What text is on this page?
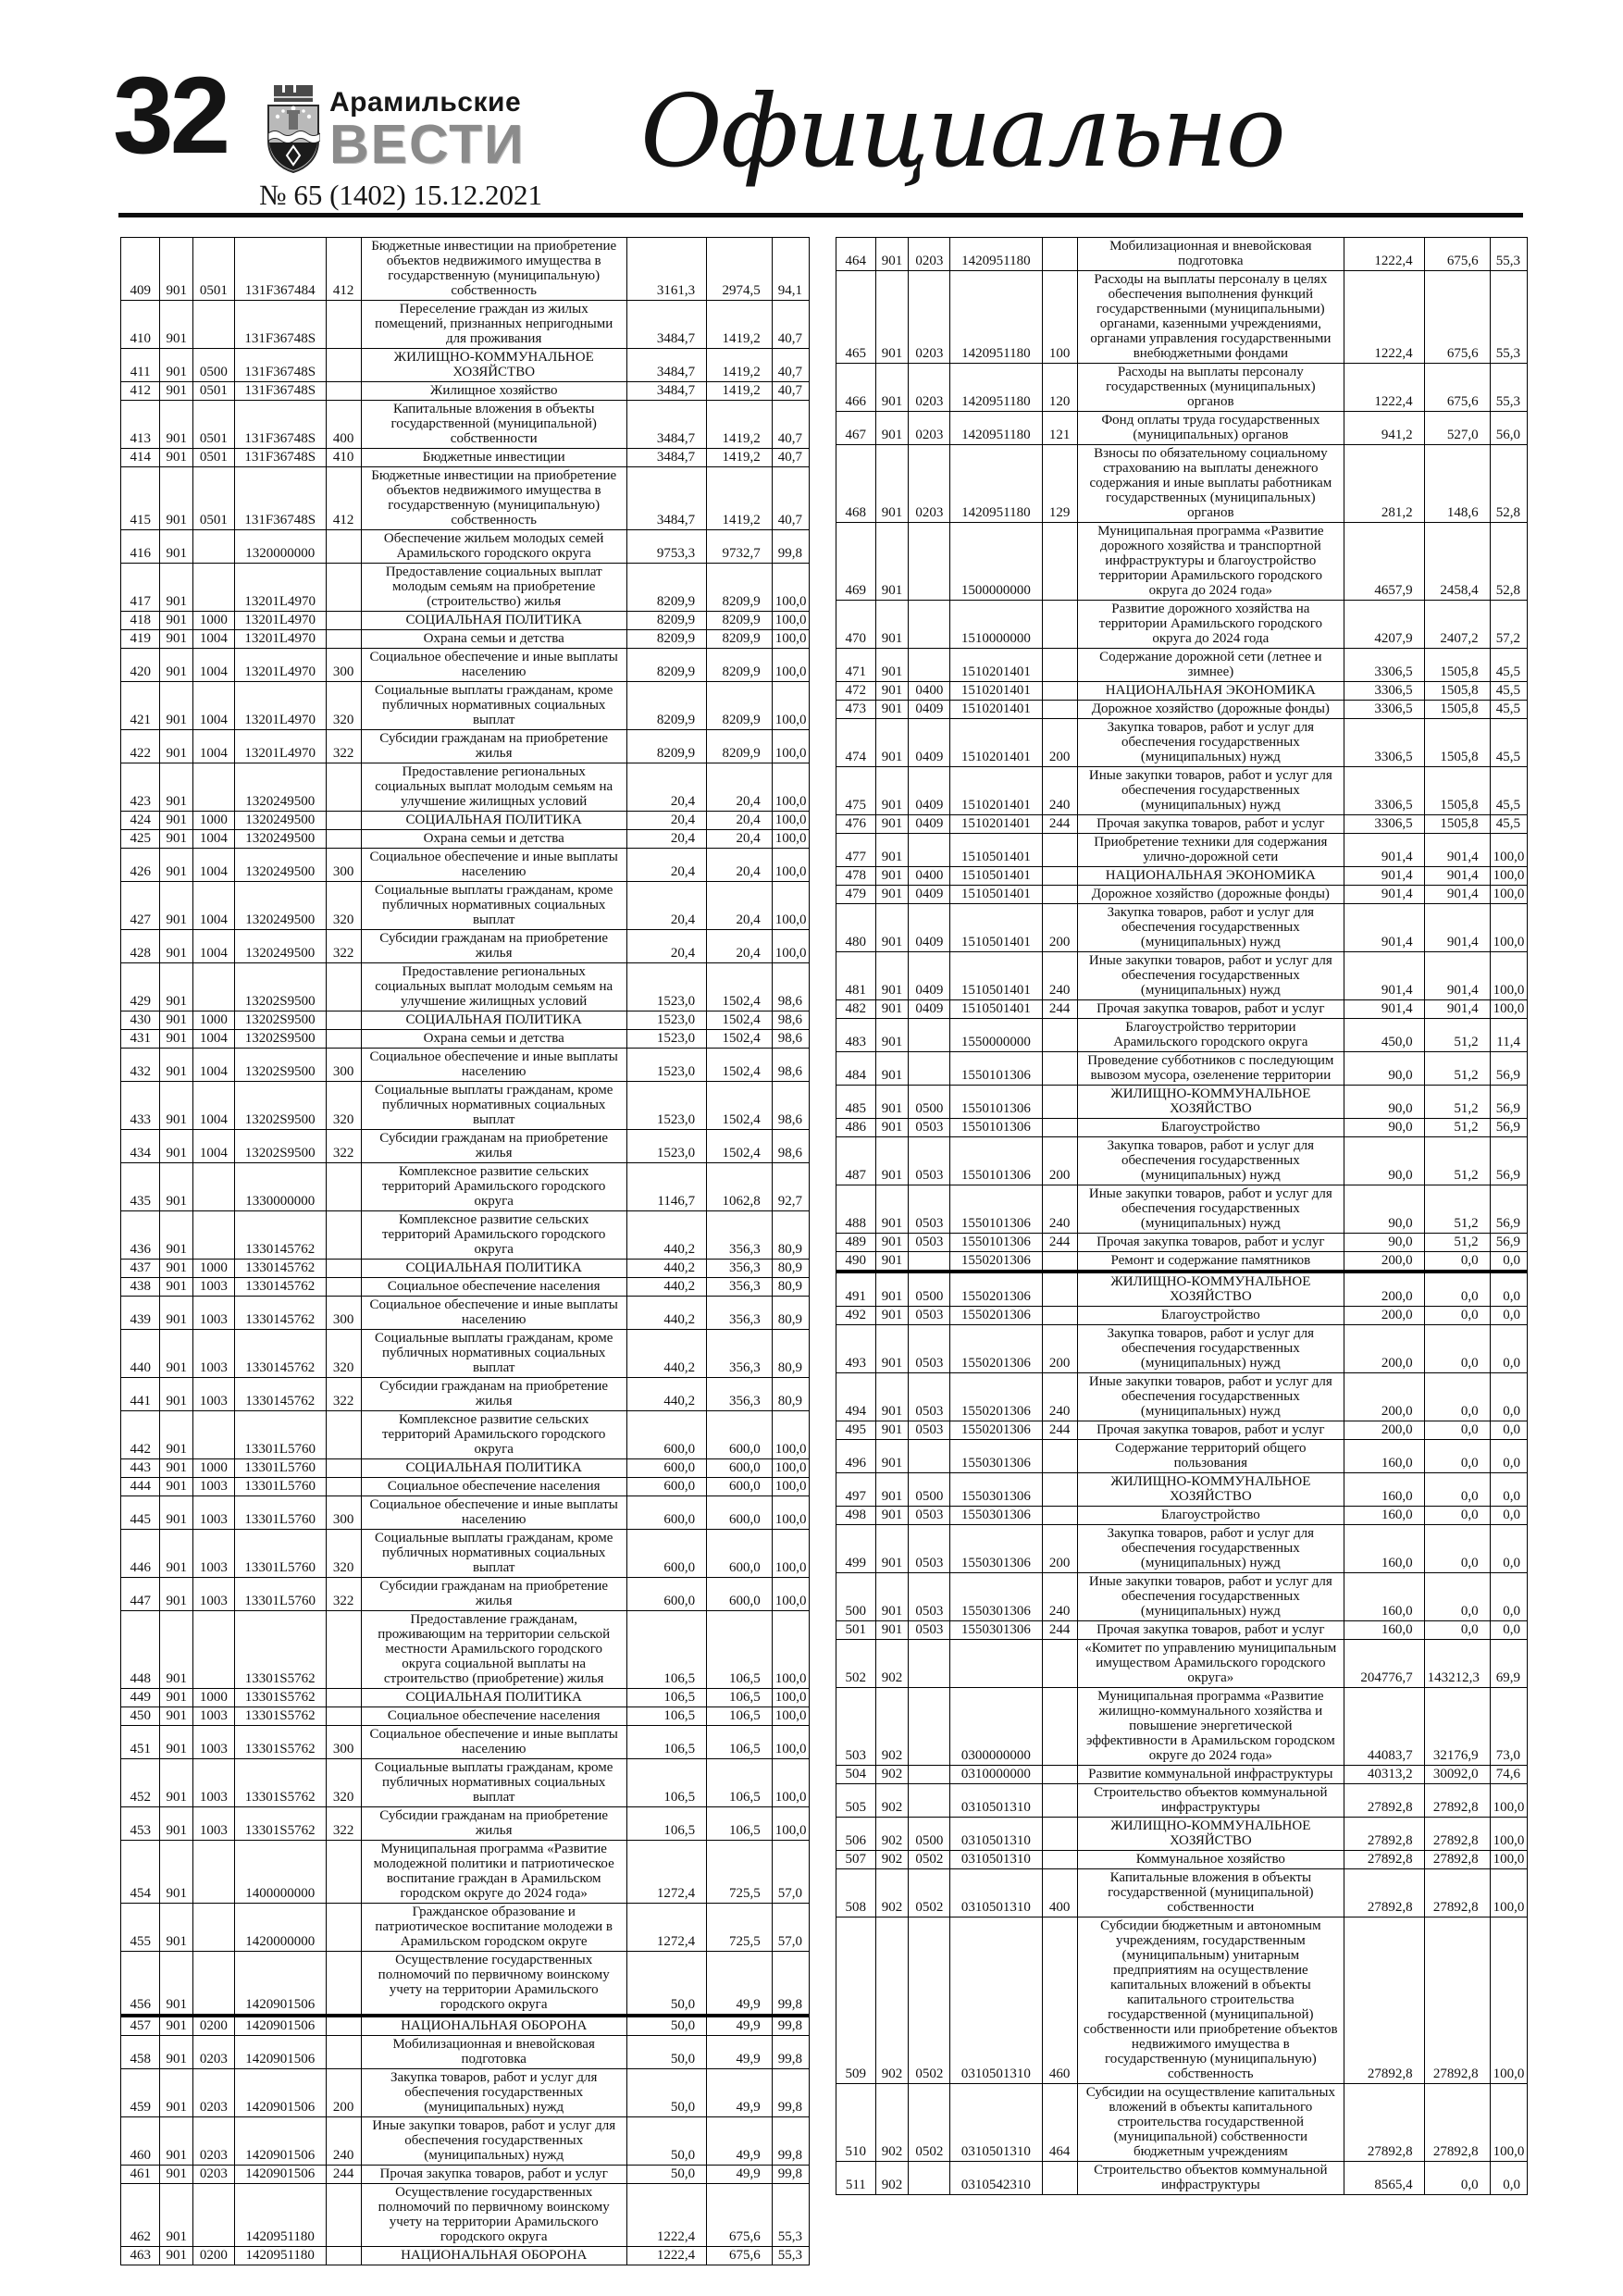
32	Арамильские
ВЕСТИ
№ 65 (1402) 15.12.2021
Официально
409	901	0501	131F367484	412	Бюджетные инвестиции на приобретение объектов недвижимого имущества в государственную (муниципальную) собственность	3161,3	2974,5	94,1
410	901		131F36748S		Переселение граждан из жилых помещений, признанных непригодными для проживания	3484,7	1419,2	40,7
411	901	0500	131F36748S		ЖИЛИЩНО-КОММУНАЛЬНОЕ ХОЗЯЙСТВО	3484,7	1419,2	40,7
412	901	0501	131F36748S		Жилищное хозяйство	3484,7	1419,2	40,7
413	901	0501	131F36748S	400	Капитальные вложения в объекты государственной (муниципальной) собственности	3484,7	1419,2	40,7
414	901	0501	131F36748S	410	Бюджетные инвестиции	3484,7	1419,2	40,7
415	901	0501	131F36748S	412	Бюджетные инвестиции на приобретение объектов недвижимого имущества в государственную (муниципальную) собственность	3484,7	1419,2	40,7
416	901		1320000000		Обеспечение жильем молодых семей Арамильского городского округа	9753,3	9732,7	99,8
417	901		13201L4970		Предоставление социальных выплат молодым семьям на приобретение (строительство) жилья	8209,9	8209,9	100,0
418	901	1000	13201L4970		СОЦИАЛЬНАЯ ПОЛИТИКА	8209,9	8209,9	100,0
419	901	1004	13201L4970		Охрана семьи и детства	8209,9	8209,9	100,0
420	901	1004	13201L4970	300	Социальное обеспечение и иные выплаты населению	8209,9	8209,9	100,0
421	901	1004	13201L4970	320	Социальные выплаты гражданам, кроме публичных нормативных социальных выплат	8209,9	8209,9	100,0
422	901	1004	13201L4970	322	Субсидии гражданам на приобретение жилья	8209,9	8209,9	100,0
423	901		1320249500		Предоставление региональных социальных выплат молодым семьям на улучшение жилищных условий	20,4	20,4	100,0
424	901	1000	1320249500		СОЦИАЛЬНАЯ ПОЛИТИКА	20,4	20,4	100,0
425	901	1004	1320249500		Охрана семьи и детства	20,4	20,4	100,0
426	901	1004	1320249500	300	Социальное обеспечение и иные выплаты населению	20,4	20,4	100,0
427	901	1004	1320249500	320	Социальные выплаты гражданам, кроме публичных нормативных социальных выплат	20,4	20,4	100,0
428	901	1004	1320249500	322	Субсидии гражданам на приобретение жилья	20,4	20,4	100,0
429	901		13202S9500		Предоставление региональных социальных выплат молодым семьям на улучшение жилищных условий	1523,0	1502,4	98,6
430	901	1000	13202S9500		СОЦИАЛЬНАЯ ПОЛИТИКА	1523,0	1502,4	98,6
431	901	1004	13202S9500		Охрана семьи и детства	1523,0	1502,4	98,6
432	901	1004	13202S9500	300	Социальное обеспечение и иные выплаты населению	1523,0	1502,4	98,6
433	901	1004	13202S9500	320	Социальные выплаты гражданам, кроме публичных нормативных социальных выплат	1523,0	1502,4	98,6
434	901	1004	13202S9500	322	Субсидии гражданам на приобретение жилья	1523,0	1502,4	98,6
435	901		1330000000		Комплексное развитие сельских территорий Арамильского городского округа	1146,7	1062,8	92,7
436	901		1330145762		Комплексное развитие сельских территорий Арамильского городского округа	440,2	356,3	80,9
437	901	1000	1330145762		СОЦИАЛЬНАЯ ПОЛИТИКА	440,2	356,3	80,9
438	901	1003	1330145762		Социальное обеспечение населения	440,2	356,3	80,9
439	901	1003	1330145762	300	Социальное обеспечение и иные выплаты населению	440,2	356,3	80,9
440	901	1003	1330145762	320	Социальные выплаты гражданам, кроме публичных нормативных социальных выплат	440,2	356,3	80,9
441	901	1003	1330145762	322	Субсидии гражданам на приобретение жилья	440,2	356,3	80,9
442	901		13301L5760		Комплексное развитие сельских территорий Арамильского городского округа	600,0	600,0	100,0
443	901	1000	13301L5760		СОЦИАЛЬНАЯ ПОЛИТИКА	600,0	600,0	100,0
444	901	1003	13301L5760		Социальное обеспечение населения	600,0	600,0	100,0
445	901	1003	13301L5760	300	Социальное обеспечение и иные выплаты населению	600,0	600,0	100,0
446	901	1003	13301L5760	320	Социальные выплаты гражданам, кроме публичных нормативных социальных выплат	600,0	600,0	100,0
447	901	1003	13301L5760	322	Субсидии гражданам на приобретение жилья	600,0	600,0	100,0
448	901		13301S5762		Предоставление гражданам, проживающим на территории сельской местности Арамильского городского округа социальной выплаты на строительство (приобретение) жилья	106,5	106,5	100,0
449	901	1000	13301S5762		СОЦИАЛЬНАЯ ПОЛИТИКА	106,5	106,5	100,0
450	901	1003	13301S5762		Социальное обеспечение населения	106,5	106,5	100,0
451	901	1003	13301S5762	300	Социальное обеспечение и иные выплаты населению	106,5	106,5	100,0
452	901	1003	13301S5762	320	Социальные выплаты гражданам, кроме публичных нормативных социальных выплат	106,5	106,5	100,0
453	901	1003	13301S5762	322	Субсидии гражданам на приобретение жилья	106,5	106,5	100,0
454	901		1400000000		Муниципальная программа «Развитие молодежной политики и патриотическое воспитание граждан в Арамильском городском округе до 2024 года»	1272,4	725,5	57,0
455	901		1420000000		Гражданское образование и патриотическое воспитание молодежи в Арамильском городском округе	1272,4	725,5	57,0
456	901		1420901506		Осуществление государственных полномочий по первичному воинскому учету на территории Арамильского городского округа	50,0	49,9	99,8
457	901	0200	1420901506		НАЦИОНАЛЬНАЯ ОБОРОНА	50,0	49,9	99,8
458	901	0203	1420901506		Мобилизационная и вневойсковая подготовка	50,0	49,9	99,8
459	901	0203	1420901506	200	Закупка товаров, работ и услуг для обеспечения государственных (муниципальных) нужд	50,0	49,9	99,8
460	901	0203	1420901506	240	Иные закупки товаров, работ и услуг для обеспечения государственных (муниципальных) нужд	50,0	49,9	99,8
461	901	0203	1420901506	244	Прочая закупка товаров, работ и услуг	50,0	49,9	99,8
462	901		1420951180		Осуществление государственных полномочий по первичному воинскому учету на территории Арамильского городского округа	1222,4	675,6	55,3
463	901	0200	1420951180		НАЦИОНАЛЬНАЯ ОБОРОНА	1222,4	675,6	55,3
464	901	0203	1420951180		Мобилизационная и вневойсковая подготовка	1222,4	675,6	55,3
465	901	0203	1420951180	100	Расходы на выплаты персоналу в целях обеспечения выполнения функций государственными (муниципальными) органами, казенными учреждениями, органами управления государственными внебюджетными фондами	1222,4	675,6	55,3
466	901	0203	1420951180	120	Расходы на выплаты персоналу государственных (муниципальных) органов	1222,4	675,6	55,3
467	901	0203	1420951180	121	Фонд оплаты труда государственных (муниципальных) органов	941,2	527,0	56,0
468	901	0203	1420951180	129	Взносы по обязательному социальному страхованию на выплаты денежного содержания и иные выплаты работникам государственных (муниципальных) органов	281,2	148,6	52,8
469	901		1500000000		Муниципальная программа «Развитие дорожного хозяйства и транспортной инфраструктуры и благоустройство территории Арамильского городского округа до 2024 года»	4657,9	2458,4	52,8
470	901		1510000000		Развитие дорожного хозяйства на территории Арамильского городского округа до 2024 года	4207,9	2407,2	57,2
471	901		1510201401		Содержание дорожной сети (летнее и зимнее)	3306,5	1505,8	45,5
472	901	0400	1510201401		НАЦИОНАЛЬНАЯ ЭКОНОМИКА	3306,5	1505,8	45,5
473	901	0409	1510201401		Дорожное хозяйство (дорожные фонды)	3306,5	1505,8	45,5
474	901	0409	1510201401	200	Закупка товаров, работ и услуг для обеспечения государственных (муниципальных) нужд	3306,5	1505,8	45,5
475	901	0409	1510201401	240	Иные закупки товаров, работ и услуг для обеспечения государственных (муниципальных) нужд	3306,5	1505,8	45,5
476	901	0409	1510201401	244	Прочая закупка товаров, работ и услуг	3306,5	1505,8	45,5
477	901		1510501401		Приобретение техники для содержания улично-дорожной сети	901,4	901,4	100,0
478	901	0400	1510501401		НАЦИОНАЛЬНАЯ ЭКОНОМИКА	901,4	901,4	100,0
479	901	0409	1510501401		Дорожное хозяйство (дорожные фонды)	901,4	901,4	100,0
480	901	0409	1510501401	200	Закупка товаров, работ и услуг для обеспечения государственных (муниципальных) нужд	901,4	901,4	100,0
481	901	0409	1510501401	240	Иные закупки товаров, работ и услуг для обеспечения государственных (муниципальных) нужд	901,4	901,4	100,0
482	901	0409	1510501401	244	Прочая закупка товаров, работ и услуг	901,4	901,4	100,0
483	901		1550000000		Благоустройство территории Арамильского городского округа	450,0	51,2	11,4
484	901		1550101306		Проведение субботников с последующим вывозом мусора, озеленение территории	90,0	51,2	56,9
485	901	0500	1550101306		ЖИЛИЩНО-КОММУНАЛЬНОЕ ХОЗЯЙСТВО	90,0	51,2	56,9
486	901	0503	1550101306		Благоустройство	90,0	51,2	56,9
487	901	0503	1550101306	200	Закупка товаров, работ и услуг для обеспечения государственных (муниципальных) нужд	90,0	51,2	56,9
488	901	0503	1550101306	240	Иные закупки товаров, работ и услуг для обеспечения государственных (муниципальных) нужд	90,0	51,2	56,9
489	901	0503	1550101306	244	Прочая закупка товаров, работ и услуг	90,0	51,2	56,9
490	901		1550201306		Ремонт и содержание памятников	200,0	0,0	0,0
491	901	0500	1550201306		ЖИЛИЩНО-КОММУНАЛЬНОЕ ХОЗЯЙСТВО	200,0	0,0	0,0
492	901	0503	1550201306		Благоустройство	200,0	0,0	0,0
493	901	0503	1550201306	200	Закупка товаров, работ и услуг для обеспечения государственных (муниципальных) нужд	200,0	0,0	0,0
494	901	0503	1550201306	240	Иные закупки товаров, работ и услуг для обеспечения государственных (муниципальных) нужд	200,0	0,0	0,0
495	901	0503	1550201306	244	Прочая закупка товаров, работ и услуг	200,0	0,0	0,0
496	901		1550301306		Содержание территорий общего пользования	160,0	0,0	0,0
497	901	0500	1550301306		ЖИЛИЩНО-КОММУНАЛЬНОЕ ХОЗЯЙСТВО	160,0	0,0	0,0
498	901	0503	1550301306		Благоустройство	160,0	0,0	0,0
499	901	0503	1550301306	200	Закупка товаров, работ и услуг для обеспечения государственных (муниципальных) нужд	160,0	0,0	0,0
500	901	0503	1550301306	240	Иные закупки товаров, работ и услуг для обеспечения государственных (муниципальных) нужд	160,0	0,0	0,0
501	901	0503	1550301306	244	Прочая закупка товаров, работ и услуг	160,0	0,0	0,0
502	902				«Комитет по управлению муниципальным имуществом Арамильского городского округа»	204776,7	143212,3	69,9
503	902		0300000000		Муниципальная программа «Развитие жилищно-коммунального хозяйства и повышение энергетической эффективности в Арамильском городском округе до 2024 года»	44083,7	32176,9	73,0
504	902		0310000000		Развитие коммунальной инфраструктуры	40313,2	30092,0	74,6
505	902		0310501310		Строительство объектов коммунальной инфраструктуры	27892,8	27892,8	100,0
506	902	0500	0310501310		ЖИЛИЩНО-КОММУНАЛЬНОЕ ХОЗЯЙСТВО	27892,8	27892,8	100,0
507	902	0502	0310501310		Коммунальное хозяйство	27892,8	27892,8	100,0
508	902	0502	0310501310	400	Капитальные вложения в объекты государственной (муниципальной) собственности	27892,8	27892,8	100,0
509	902	0502	0310501310	460	Субсидии бюджетным и автономным учреждениям, государственным (муниципальным) унитарным предприятиям на осуществление капитальных вложений в объекты капитального строительства государственной (муниципальной) собственности или приобретение объектов недвижимого имущества в государственную (муниципальную) собственность	27892,8	27892,8	100,0
510	902	0502	0310501310	464	Субсидии на осуществление капитальных вложений в объекты капитального строительства государственной (муниципальной) собственности бюджетным учреждениям	27892,8	27892,8	100,0
511	902		0310542310		Строительство объектов коммунальной инфраструктуры	8565,4	0,0	0,0
